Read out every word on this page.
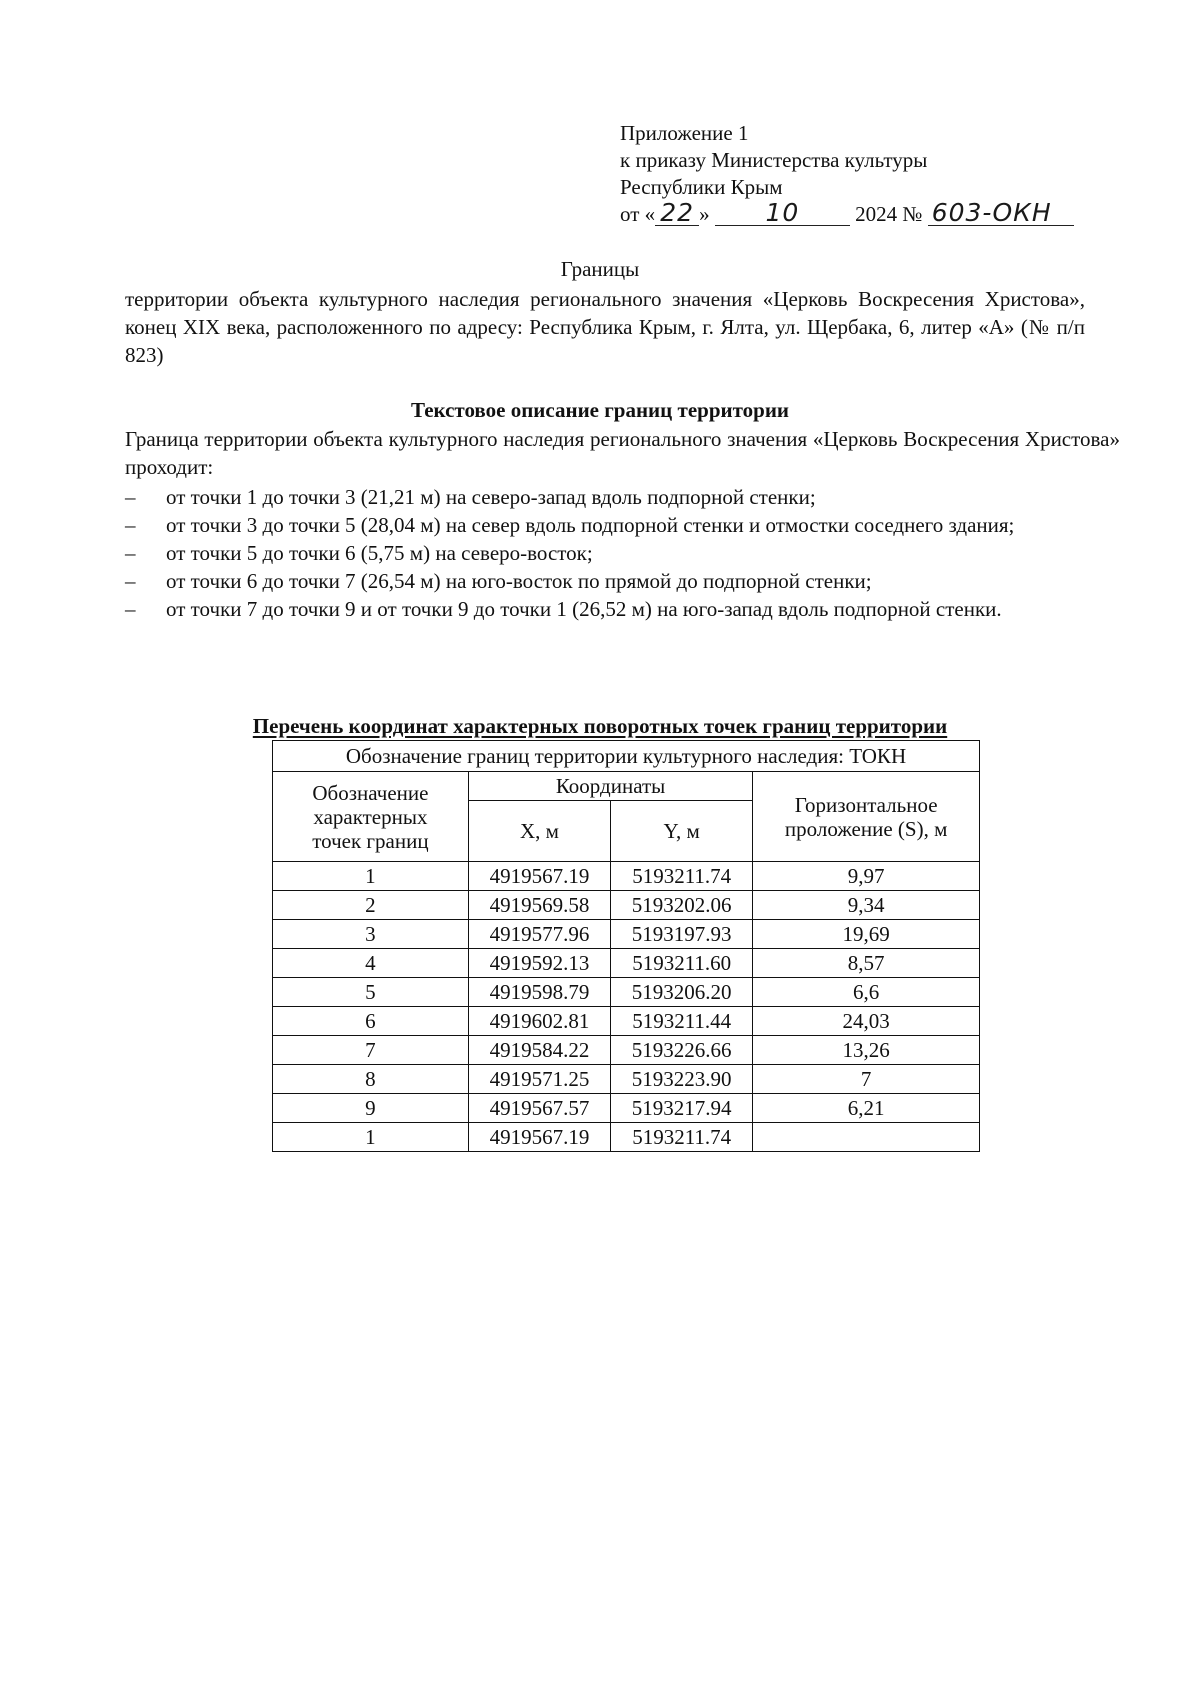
Приложение 1
к приказу Министерства культуры
Республики Крым
от « 22 » 10	2024 № 603-ОКН
Границы
территории объекта культурного наследия регионального значения «Церковь Воскресения Христова», конец XIX века, расположенного по адресу: Республика Крым, г. Ялта, ул. Щербака, 6, литер «А» (№ п/п 823)
Текстовое описание границ территории
Граница территории объекта культурного наследия регионального значения «Церковь Воскресения Христова» проходит:
– от точки 1 до точки 3 (21,21 м) на северо-запад вдоль подпорной стенки;
– от точки 3 до точки 5 (28,04 м) на север вдоль подпорной стенки и отмостки соседнего здания;
– от точки 5 до точки 6 (5,75 м) на северо-восток;
– от точки 6 до точки 7 (26,54 м) на юго-восток по прямой до подпорной стенки;
– от точки 7 до точки 9 и от точки 9 до точки 1 (26,52 м) на юго-запад вдоль подпорной стенки.
Перечень координат характерных поворотных точек границ территории
Обозначение границ территории культурного наследия: ТОКН			
Обозначение характерных точек границ	Координаты		Горизонтальное проложение (S), м
	X, м	Y, м	
1	4919567.19	5193211.74	9,97
2	4919569.58	5193202.06	9,34
3	4919577.96	5193197.93	19,69
4	4919592.13	5193211.60	8,57
5	4919598.79	5193206.20	6,6
6	4919602.81	5193211.44	24,03
7	4919584.22	5193226.66	13,26
8	4919571.25	5193223.90	7
9	4919567.57	5193217.94	6,21
1	4919567.19	5193211.74	
